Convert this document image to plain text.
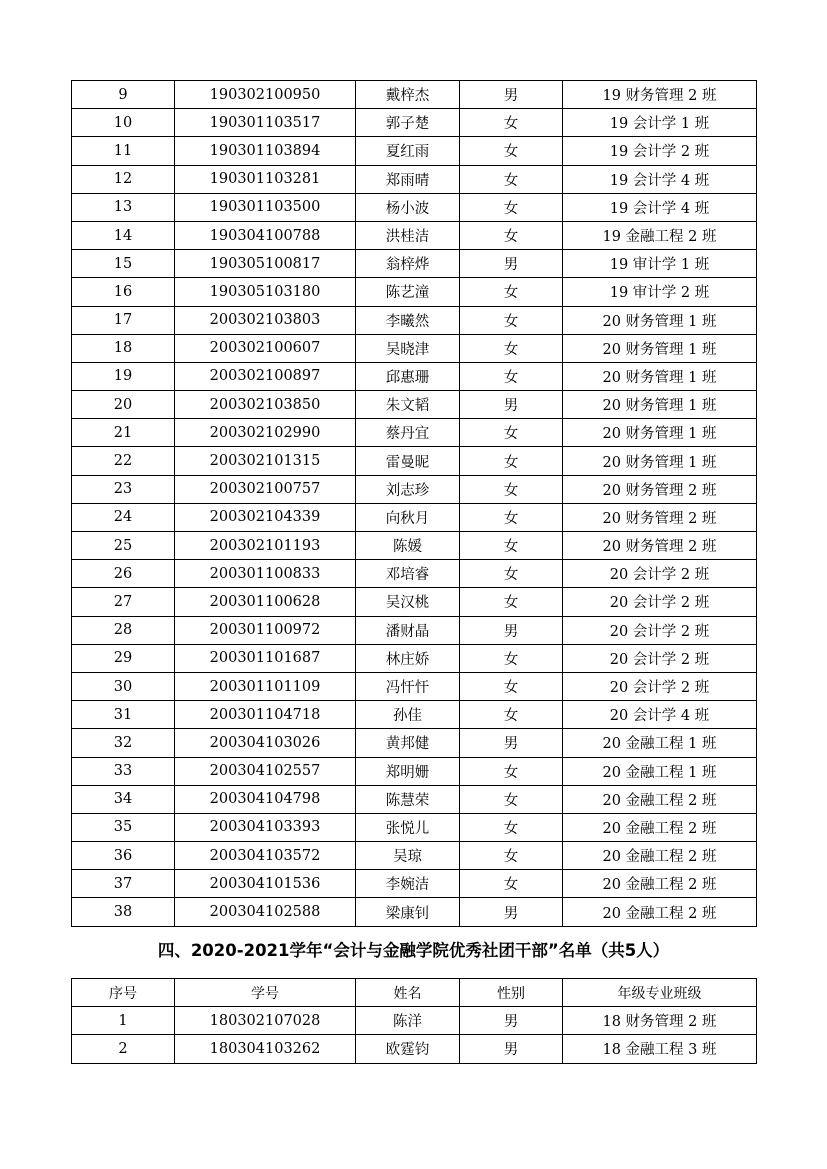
9	190302100950	戴梓杰	男	19 财务管理 2 班
10	190301103517	郭子楚	女	19 会计学 1 班
11	190301103894	夏红雨	女	19 会计学 2 班
12	190301103281	郑雨晴	女	19 会计学 4 班
13	190301103500	杨小波	女	19 会计学 4 班
14	190304100788	洪桂洁	女	19 金融工程 2 班
15	190305100817	翁梓烨	男	19 审计学 1 班
16	190305103180	陈艺潼	女	19 审计学 2 班
17	200302103803	李曦然	女	20 财务管理 1 班
18	200302100607	吴晓津	女	20 财务管理 1 班
19	200302100897	邱惠珊	女	20 财务管理 1 班
20	200302103850	朱文韬	男	20 财务管理 1 班
21	200302102990	蔡丹宜	女	20 财务管理 1 班
22	200302101315	雷曼昵	女	20 财务管理 1 班
23	200302100757	刘志珍	女	20 财务管理 2 班
24	200302104339	向秋月	女	20 财务管理 2 班
25	200302101193	陈媛	女	20 财务管理 2 班
26	200301100833	邓培睿	女	20 会计学 2 班
27	200301100628	吴汉桃	女	20 会计学 2 班
28	200301100972	潘财晶	男	20 会计学 2 班
29	200301101687	林庄娇	女	20 会计学 2 班
30	200301101109	冯忓忓	女	20 会计学 2 班
31	200301104718	孙佳	女	20 会计学 4 班
32	200304103026	黄邦健	男	20 金融工程 1 班
33	200304102557	郑明姗	女	20 金融工程 1 班
34	200304104798	陈慧荣	女	20 金融工程 2 班
35	200304103393	张悦儿	女	20 金融工程 2 班
36	200304103572	吴琼	女	20 金融工程 2 班
37	200304101536	李婉洁	女	20 金融工程 2 班
38	200304102588	梁康钊	男	20 金融工程 2 班
四、2020-2021学年“会计与金融学院优秀社团干部”名单（共5人）
序号	学号	姓名	性别	年级专业班级
1	180302107028	陈洋	男	18 财务管理 2 班
2	180304103262	欧霆钧	男	18 金融工程 3 班
